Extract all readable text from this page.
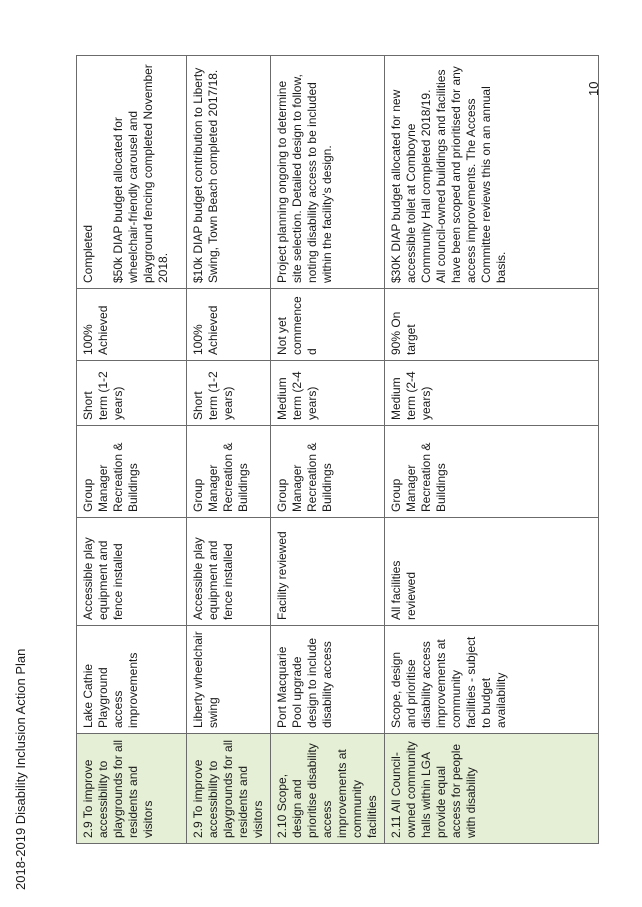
2.9 To improve accessibility to playgrounds for all residents and visitors	Lake Cathie Playground access improvements	Accessible play equipment and fence installed	Group Manager Recreation & Buildings	Short term (1-2 years)	100% Achieved	Completed

$50k DIAP budget allocated for wheelchair-friendly carousel and playground fencing completed November 2018.

2.9 To improve accessibility to playgrounds for all residents and visitors	Liberty wheelchair swing	Accessible play equipment and fence installed	Group Manager Recreation & Buildings	Short term (1-2 years)	100% Achieved	$10k DIAP budget contribution to Liberty Swing, Town Beach completed 2017/18.

2.10 Scope, design and prioritise disability access improvements at community facilities	Port Macquarie Pool upgrade design to include disability access	Facility reviewed	Group Manager Recreation & Buildings	Medium term (2-4 years)	Not yet commenced	Project planning ongoing to determine site selection. Detailed design to follow, noting disability access to be included within the facility's design.

2.11 All Council-owned community halls within LGA provide equal access for people with disability	Scope, design and prioritise disability access improvements at community facilities - subject to budget availability	All facilities reviewed	Group Manager Recreation & Buildings	Medium term (2-4 years)	90% On target	$30K DIAP budget allocated for new accessible toilet at Comboyne Community Hall completed 2018/19.
All council-owned buildings and facilities have been scoped and prioritised for any access improvements. The Access Committee reviews this on an annual basis.
2018-2019 Disability Inclusion Action Plan
10
